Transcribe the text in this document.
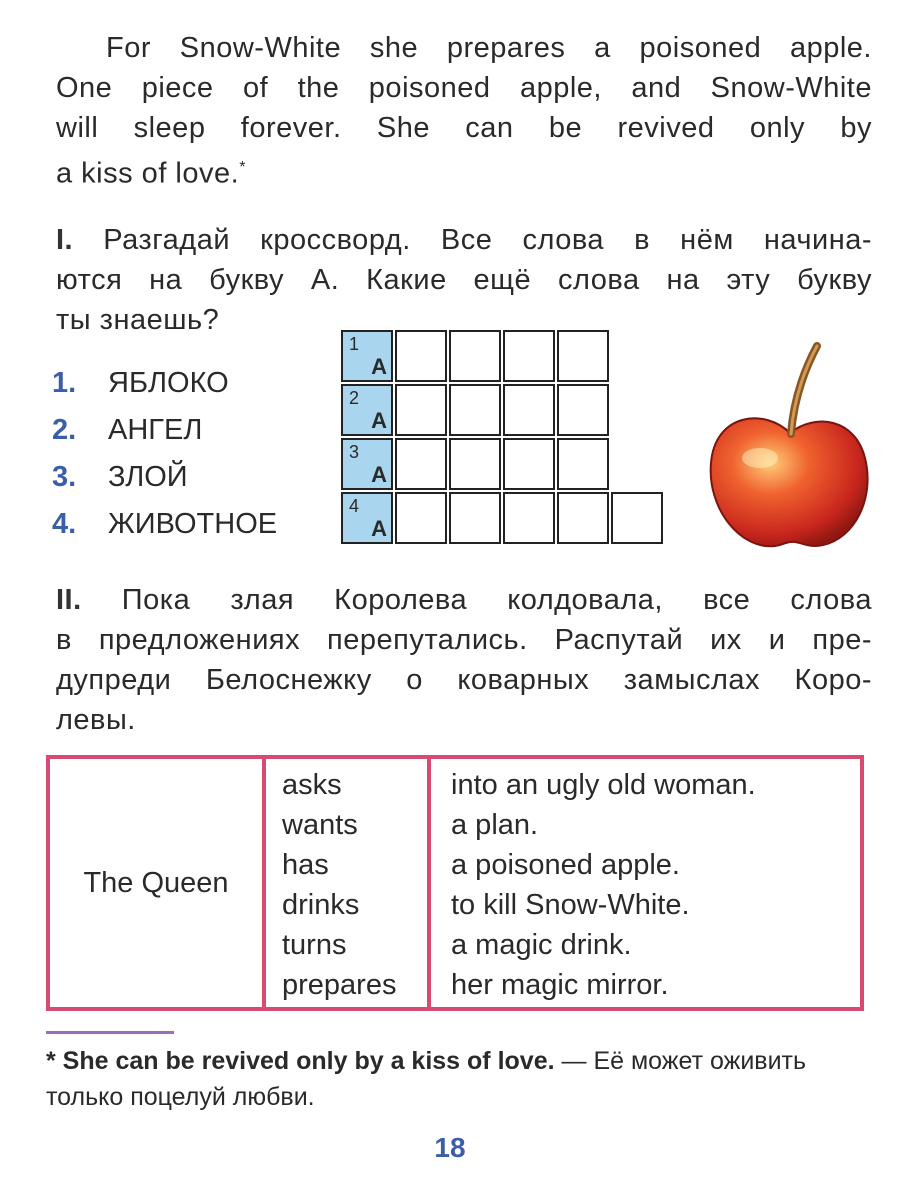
For Snow-White she prepares a poisoned apple.
One piece of the poisoned apple, and Snow-White
will sleep forever. She can be revived only by
a kiss of love.*
I. Разгадай кроссворд. Все слова в нём начина-
ются на букву А. Какие ещё слова на эту букву
ты знаешь?
1. ЯБЛОКО
2. АНГЕЛ
3. ЗЛОЙ
4. ЖИВОТНОЕ
1
A
2
A
3
A
4
A
II. Пока злая Королева колдовала, все слова
в предложениях перепутались. Распутай их и пре-
дупреди Белоснежку о коварных замыслах Коро-
левы.
The Queen
asks
wants
has
drinks
turns
prepares
into an ugly old woman.
a plan.
a poisoned apple.
to kill Snow-White.
a magic drink.
her magic mirror.
* She can be revived only by a kiss of love. — Её может оживить только поцелуй любви.
18
